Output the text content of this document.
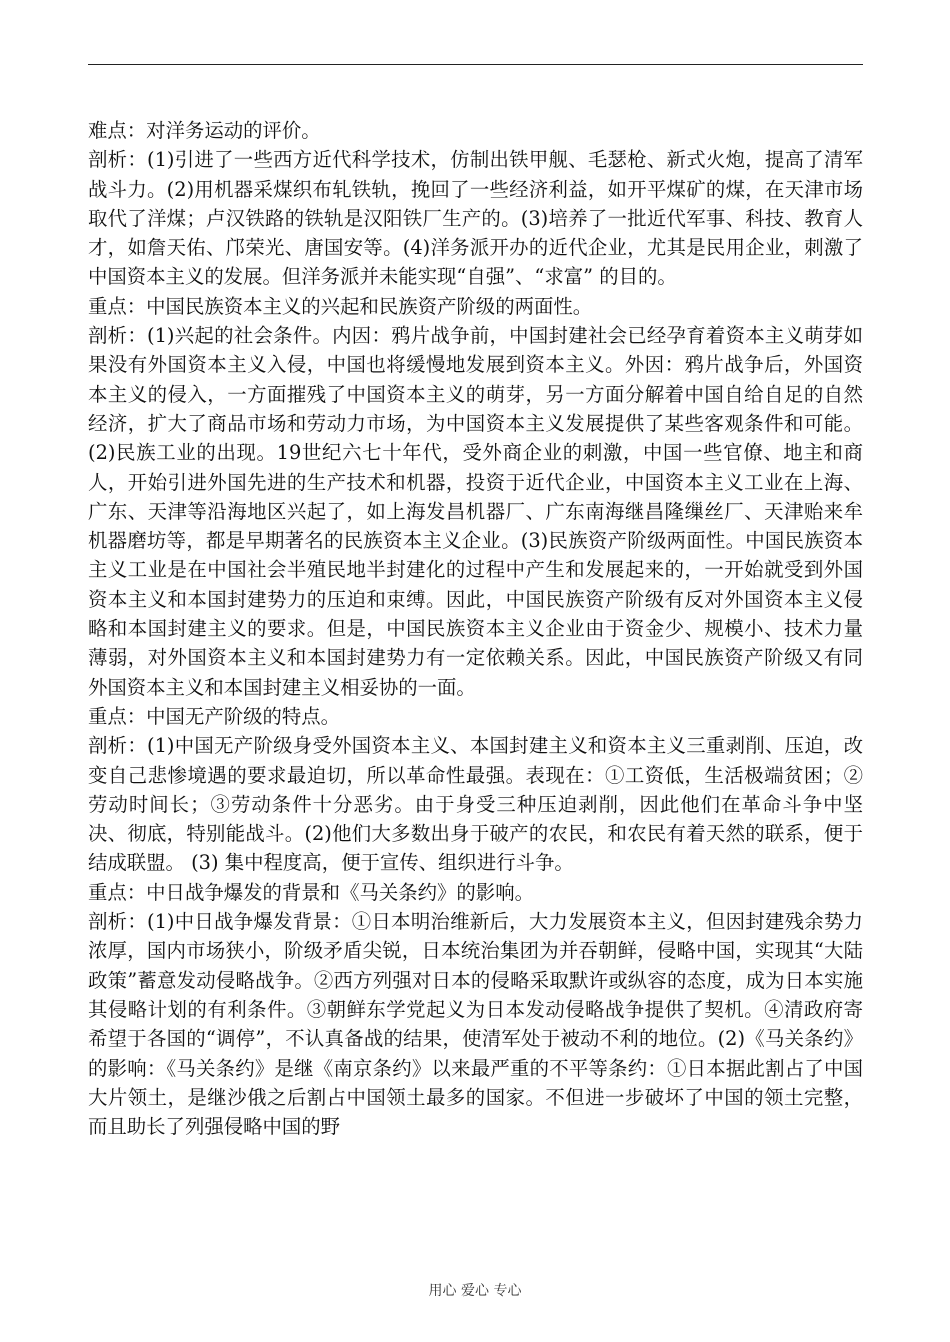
难点：对洋务运动的评价。

剖析：(1)引进了一些西方近代科学技术，仿制出铁甲舰、毛瑟枪、新式火炮，提高了清军战斗力。(2)用机器采煤织布轧铁轨，挽回了一些经济利益，如开平煤矿的煤，在天津市场取代了洋煤；卢汉铁路的铁轨是汉阳铁厂生产的。(3)培养了一批近代军事、科技、教育人才，如詹天佑、邝荣光、唐国安等。(4)洋务派开办的近代企业，尤其是民用企业，刺激了中国资本主义的发展。但洋务派并未能实现“自强”、“求富” 的目的。

重点：中国民族资本主义的兴起和民族资产阶级的两面性。

剖析：(1)兴起的社会条件。内因：鸦片战争前，中国封建社会已经孕育着资本主义萌芽如果没有外国资本主义入侵，中国也将缓慢地发展到资本主义。外因：鸦片战争后，外国资本主义的侵入，一方面摧残了中国资本主义的萌芽，另一方面分解着中国自给自足的自然经济，扩大了商品市场和劳动力市场，为中国资本主义发展提供了某些客观条件和可能。(2)民族工业的出现。19世纪六七十年代，受外商企业的刺激，中国一些官僚、地主和商人，开始引进外国先进的生产技术和机器，投资于近代企业，中国资本主义工业在上海、广东、天津等沿海地区兴起了，如上海发昌机器厂、广东南海继昌隆缫丝厂、天津贻来牟机器磨坊等，都是早期著名的民族资本主义企业。(3)民族资产阶级两面性。中国民族资本主义工业是在中国社会半殖民地半封建化的过程中产生和发展起来的，一开始就受到外国资本主义和本国封建势力的压迫和束缚。因此，中国民族资产阶级有反对外国资本主义侵略和本国封建主义的要求。但是，中国民族资本主义企业由于资金少、规模小、技术力量薄弱，对外国资本主义和本国封建势力有一定依赖关系。因此，中国民族资产阶级又有同外国资本主义和本国封建主义相妥协的一面。

重点：中国无产阶级的特点。

剖析：(1)中国无产阶级身受外国资本主义、本国封建主义和资本主义三重剥削、压迫，改变自己悲惨境遇的要求最迫切，所以革命性最强。表现在：①工资低，生活极端贫困；②劳动时间长；③劳动条件十分恶劣。由于身受三种压迫剥削，因此他们在革命斗争中坚决、彻底，特别能战斗。(2)他们大多数出身于破产的农民，和农民有着天然的联系，便于结成联盟。 (3) 集中程度高，便于宣传、组织进行斗争。

重点：中日战争爆发的背景和《马关条约》的影响。

剖析：(1)中日战争爆发背景：①日本明治维新后，大力发展资本主义，但因封建残余势力浓厚，国内市场狭小，阶级矛盾尖锐，日本统治集团为并吞朝鲜，侵略中国，实现其“大陆政策”蓄意发动侵略战争。②西方列强对日本的侵略采取默许或纵容的态度，成为日本实施其侵略计划的有利条件。③朝鲜东学党起义为日本发动侵略战争提供了契机。④清政府寄希望于各国的“调停”，不认真备战的结果，使清军处于被动不利的地位。(2)《马关条约》的影响：《马关条约》是继《南京条约》以来最严重的不平等条约：①日本据此割占了中国大片领土，是继沙俄之后割占中国领土最多的国家。不但进一步破坏了中国的领土完整，而且助长了列强侵略中国的野

用心 爱心 专心
